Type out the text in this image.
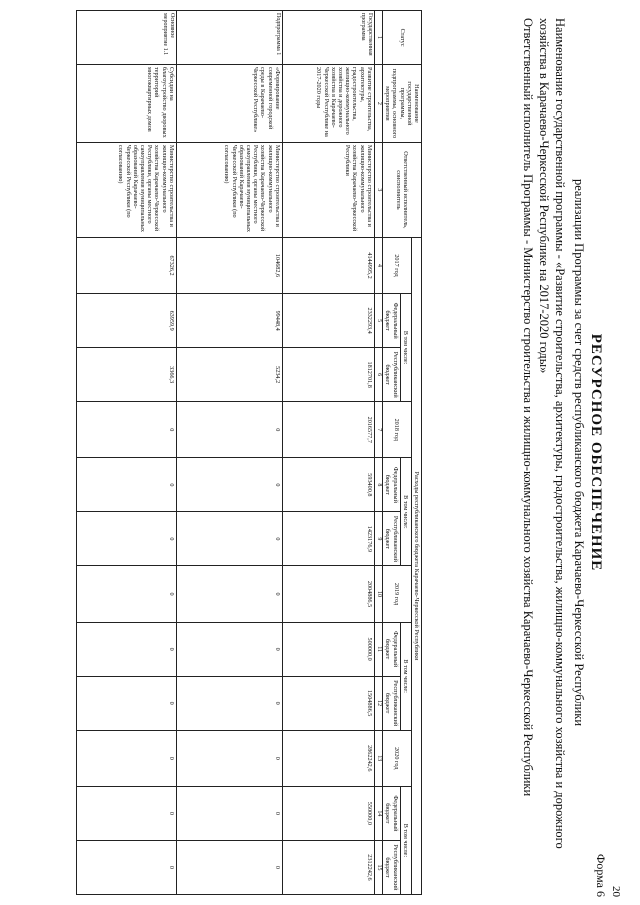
20
Форма 6
РЕСУРСНОЕ ОБЕСПЕЧЕНИЕ
реализации Программы за счет средств республиканского бюджета Карачаево-Черкесской Республики

Наименование государственной программы - «Развитие строительства, архитектуры, градостроительства, жилищно-коммунального хозяйства и дорожного хозяйства в Карачаево-Черкесской Республике на 2017-2020 годы»

Ответственный исполнитель Программы - Министерство строительства и жилищно-коммунального хозяйства Карачаево-Черкесской Республики

Статус	Наименование государственной программы, подпрограммы, основного мероприятия	Ответственный исполнитель, соисполнитель	Расходы республиканского бюджета Карачаево-Черкесской Республики											
			2017 год	В том числе:		2018 год	В том числе:		2019 год	В том числе:		2020 год	В том числе:	
				Федеральный бюджет	Республиканский бюджет		Федеральный бюджет	Республиканский бюджет		Федеральный бюджет	Республиканский бюджет		Федеральный бюджет	Республиканский бюджет

1	2	3	4	5	6	7	8	9	10	11	12	13	14	15
Государственная программа	Развитие строительства, архитектуры, градостроительства, жилищно-коммунального хозяйства и дорожного хозяйства в Карачаево-Черкесской Республике на 2017-2020 годы	Министерство строительства и жилищно-коммунального хозяйства Карачаево-Черкесской Республики	4144995,2	2332293,4	1812701,8	2016577,7	593400,8	1423176,9	2004886,5	500000,0	1504886,5	2862242,6	550000,0	2312242,6
Подпрограмма 1	«Формирование современной городской среды в Карачаево-Черкесской Республике»	Министерство строительства и жилищно-коммунального хозяйства Карачаево-Черкесской Республики, органы местного самоуправления муниципальных образований Карачаево-Черкесской Республики (по согласованию)	104682,6	99448,4	5234,2	0	0	0	0	0	0	0	0	0
Основное мероприятие 1.1	Субсидии на благоустройство дворовых территорий многоквартирных домов	Министерство строительства и жилищно-коммунального хозяйства Карачаево-Черкесской Республики, органы местного самоуправления муниципальных образований Карачаево-Черкесской Республики (по согласованию)	67326,2	63959,9	3366,3	0	0	0	0	0	0	0	0	0
